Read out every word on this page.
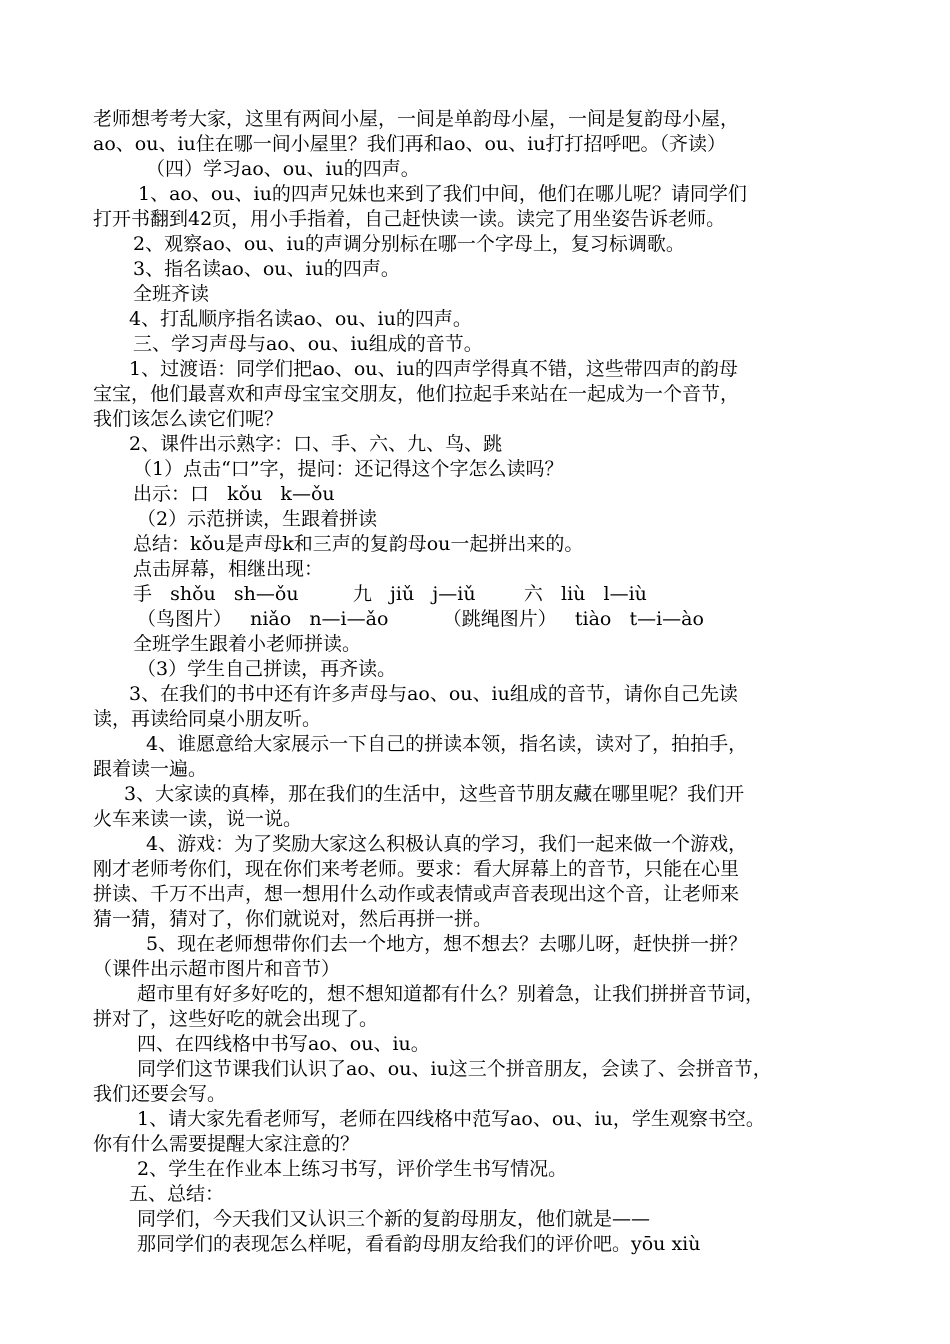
老师想考考大家，这里有两间小屋，一间是单韵母小屋，一间是复韵母小屋，
ao、ou、iu住在哪一间小屋里？我们再和ao、ou、iu打打招呼吧。（齐读）
（四）学习ao、ou、iu的四声。
1、ao、ou、iu的四声兄妹也来到了我们中间，他们在哪儿呢？请同学们
打开书翻到42页，用小手指着，自己赶快读一读。读完了用坐姿告诉老师。
2、观察ao、ou、iu的声调分别标在哪一个字母上，复习标调歌。
3、指名读ao、ou、iu的四声。
全班齐读
4、打乱顺序指名读ao、ou、iu的四声。
三、学习声母与ao、ou、iu组成的音节。
1、过渡语：同学们把ao、ou、iu的四声学得真不错，这些带四声的韵母
宝宝，他们最喜欢和声母宝宝交朋友，他们拉起手来站在一起成为一个音节，
我们该怎么读它们呢？
2、课件出示熟字：口、手、六、九、鸟、跳
（1）点击“口”字，提问：还记得这个字怎么读吗？
出示：口   kǒu   k—ǒu
（2）示范拼读，生跟着拼读
总结：kǒu是声母k和三声的复韵母ou一起拼出来的。
点击屏幕，相继出现：
手   shǒu   sh—ǒu         九   jiǔ   j—iǔ        六   liù   l—iù
（鸟图片）   niǎo   n—i—ǎo         （跳绳图片）   tiào   t—i—ào
全班学生跟着小老师拼读。
（3）学生自己拼读，再齐读。
3、在我们的书中还有许多声母与ao、ou、iu组成的音节，请你自己先读
读，再读给同桌小朋友听。
4、谁愿意给大家展示一下自己的拼读本领，指名读，读对了，拍拍手，
跟着读一遍。
3、大家读的真棒，那在我们的生活中，这些音节朋友藏在哪里呢？我们开
火车来读一读，说一说。
4、游戏：为了奖励大家这么积极认真的学习，我们一起来做一个游戏，
刚才老师考你们，现在你们来考老师。要求：看大屏幕上的音节，只能在心里
拼读、千万不出声，想一想用什么动作或表情或声音表现出这个音，让老师来
猜一猜，猜对了，你们就说对，然后再拼一拼。
5、现在老师想带你们去一个地方，想不想去？去哪儿呀，赶快拼一拼？
（课件出示超市图片和音节）
超市里有好多好吃的，想不想知道都有什么？别着急，让我们拼拼音节词，
拼对了，这些好吃的就会出现了。
四、在四线格中书写ao、ou、iu。
同学们这节课我们认识了ao、ou、iu这三个拼音朋友，会读了、会拼音节，
我们还要会写。
1、请大家先看老师写，老师在四线格中范写ao、ou、iu，学生观察书空。
你有什么需要提醒大家注意的？
2、学生在作业本上练习书写，评价学生书写情况。
五、总结：
同学们，今天我们又认识三个新的复韵母朋友，他们就是——
那同学们的表现怎么样呢，看看韵母朋友给我们的评价吧。yōu xiù
